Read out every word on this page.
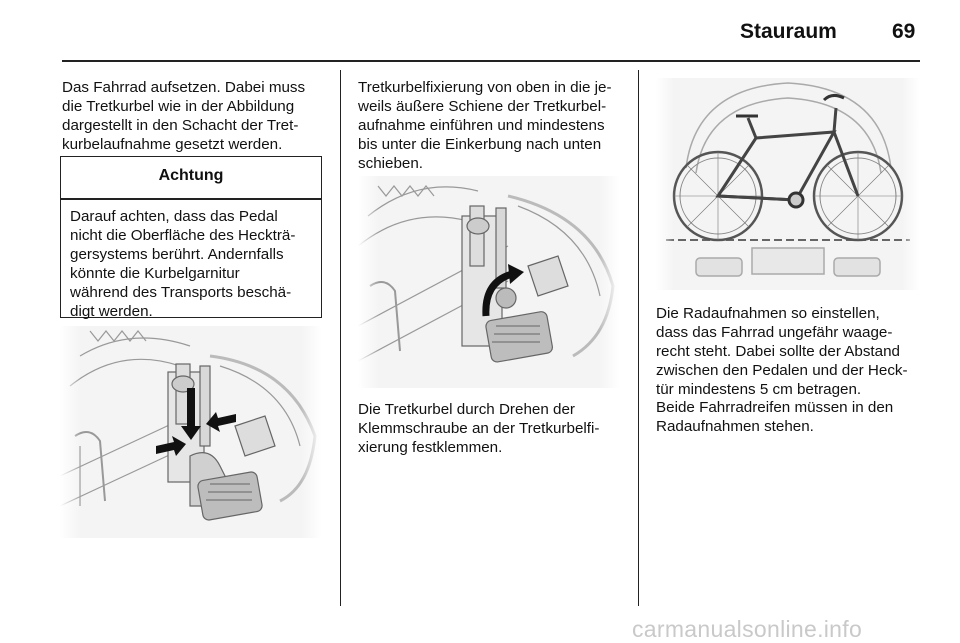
Stauraum	69

Das Fahrrad aufsetzen. Dabei muss
die Tretkurbel wie in der Abbildung
dargestellt in den Schacht der Tret-
kurbelaufnahme gesetzt werden.

Achtung

Darauf achten, dass das Pedal
nicht die Oberfläche des Heckträ-
gersystems berührt. Andernfalls
könnte die Kurbelgarnitur
während des Transports beschä-
digt werden.

Tretkurbelfixierung von oben in die je-
weils äußere Schiene der Tretkurbel-
aufnahme einführen und mindestens
bis unter die Einkerbung nach unten
schieben.

Die Tretkurbel durch Drehen der
Klemmschraube an der Tretkurbelfi-
xierung festklemmen.

Die Radaufnahmen so einstellen,
dass das Fahrrad ungefähr waage-
recht steht. Dabei sollte der Abstand
zwischen den Pedalen und der Heck-
tür mindestens 5 cm betragen.

Beide Fahrradreifen müssen in den
Radaufnahmen stehen.

carmanualsonline.info
